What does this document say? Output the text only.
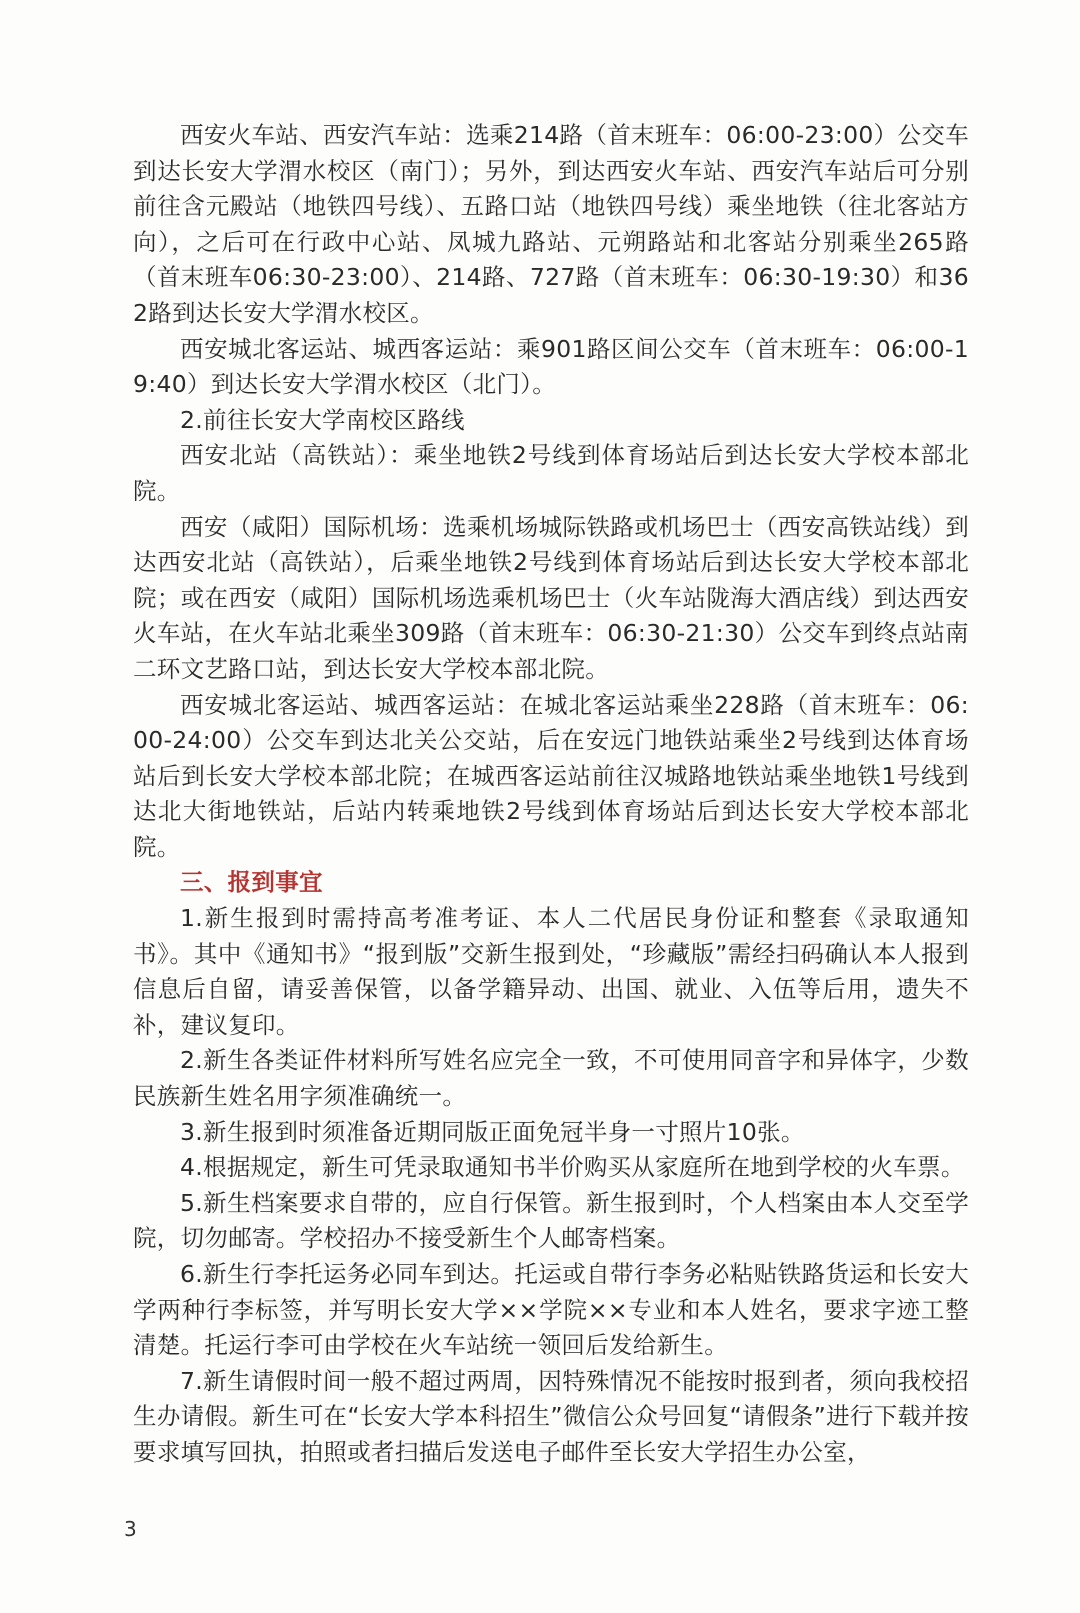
西安火车站、西安汽车站：选乘214路（首末班车：06:00-23:00）公交车到达长安大学渭水校区（南门）；另外，到达西安火车站、西安汽车站后可分别前往含元殿站（地铁四号线）、五路口站（地铁四号线）乘坐地铁（往北客站方向），之后可在行政中心站、凤城九路站、元朔路站和北客站分别乘坐265路（首末班车06:30-23:00）、214路、727路（首末班车：06:30-19:30）和362路到达长安大学渭水校区。

西安城北客运站、城西客运站：乘901路区间公交车（首末班车：06:00-19:40）到达长安大学渭水校区（北门）。

2.前往长安大学南校区路线

西安北站（高铁站）：乘坐地铁2号线到体育场站后到达长安大学校本部北院。

西安（咸阳）国际机场：选乘机场城际铁路或机场巴士（西安高铁站线）到达西安北站（高铁站），后乘坐地铁2号线到体育场站后到达长安大学校本部北院；或在西安（咸阳）国际机场选乘机场巴士（火车站陇海大酒店线）到达西安火车站，在火车站北乘坐309路（首末班车：06:30-21:30）公交车到终点站南二环文艺路口站，到达长安大学校本部北院。

西安城北客运站、城西客运站：在城北客运站乘坐228路（首末班车：06:00-24:00）公交车到达北关公交站，后在安远门地铁站乘坐2号线到达体育场站后到长安大学校本部北院；在城西客运站前往汉城路地铁站乘坐地铁1号线到达北大街地铁站，后站内转乘地铁2号线到体育场站后到达长安大学校本部北院。

三、报到事宜

1.新生报到时需持高考准考证、本人二代居民身份证和整套《录取通知书》。其中《通知书》“报到版”交新生报到处，“珍藏版”需经扫码确认本人报到信息后自留，请妥善保管，以备学籍异动、出国、就业、入伍等后用，遗失不补，建议复印。

2.新生各类证件材料所写姓名应完全一致，不可使用同音字和异体字，少数民族新生姓名用字须准确统一。

3.新生报到时须准备近期同版正面免冠半身一寸照片10张。

4.根据规定，新生可凭录取通知书半价购买从家庭所在地到学校的火车票。

5.新生档案要求自带的，应自行保管。新生报到时，个人档案由本人交至学院，切勿邮寄。学校招办不接受新生个人邮寄档案。

6.新生行李托运务必同车到达。托运或自带行李务必粘贴铁路货运和长安大学两种行李标签，并写明长安大学××学院××专业和本人姓名，要求字迹工整清楚。托运行李可由学校在火车站统一领回后发给新生。

7.新生请假时间一般不超过两周，因特殊情况不能按时报到者，须向我校招生办请假。新生可在“长安大学本科招生”微信公众号回复“请假条”进行下载并按要求填写回执，拍照或者扫描后发送电子邮件至长安大学招生办公室，

3
